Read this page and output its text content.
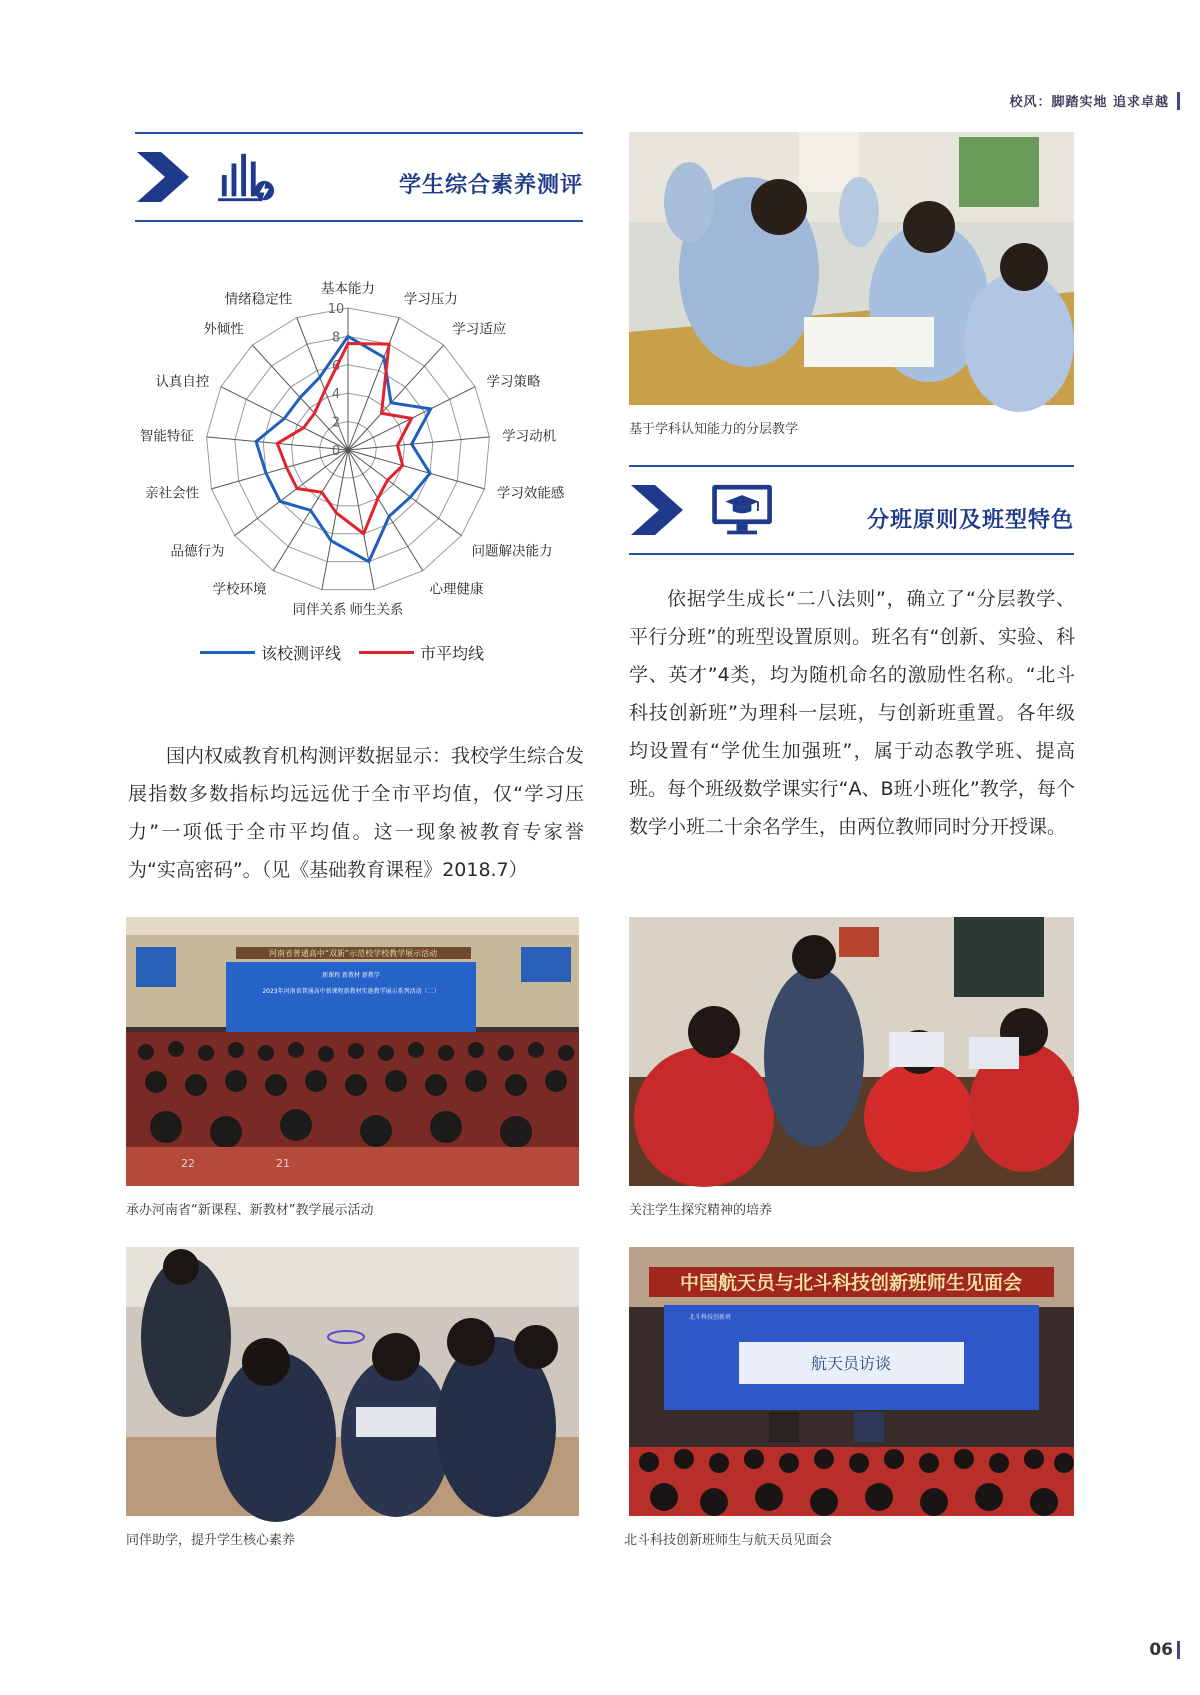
校风：脚踏实地 追求卓越
学生综合素养测评
0
2
4
6
8
10
基本能力
学习压力
学习适应
学习策略
学习动机
学习效能感
问题解决能力
心理健康
师生关系
同伴关系
学校环境
品德行为
亲社会性
智能特征
认真自控
外倾性
情绪稳定性
该校测评线	市平均线
国内权威教育机构测评数据显示：我校学生综合发展指数多数指标均远远优于全市平均值，仅“学习压力”一项低于全市平均值。这一现象被教育专家誉为“实高密码”。（见《基础教育课程》2018.7）
基于学科认知能力的分层教学
分班原则及班型特色
依据学生成长“二八法则”，确立了“分层教学、平行分班”的班型设置原则。班名有“创新、实验、科学、英才”4类，均为随机命名的激励性名称。“北斗科技创新班”为理科一层班，与创新班重置。各年级均设置有“学优生加强班”，属于动态教学班、提高班。每个班级数学课实行“A、B班小班化”教学，每个数学小班二十余名学生，由两位教师同时分开授课。
河南省普通高中“双新”示范校学校教学展示活动
新课程 新教材 新教学
2023年河南省普通高中新课程新教材实施教学展示系列活动（二）
22	21
承办河南省“新课程、新教材”教学展示活动	关注学生探究精神的培养
同伴助学，提升学生核心素养
中国航天员与北斗科技创新班师生见面会
北斗科技创新班
航天员访谈
北斗科技创新班师生与航天员见面会
06
